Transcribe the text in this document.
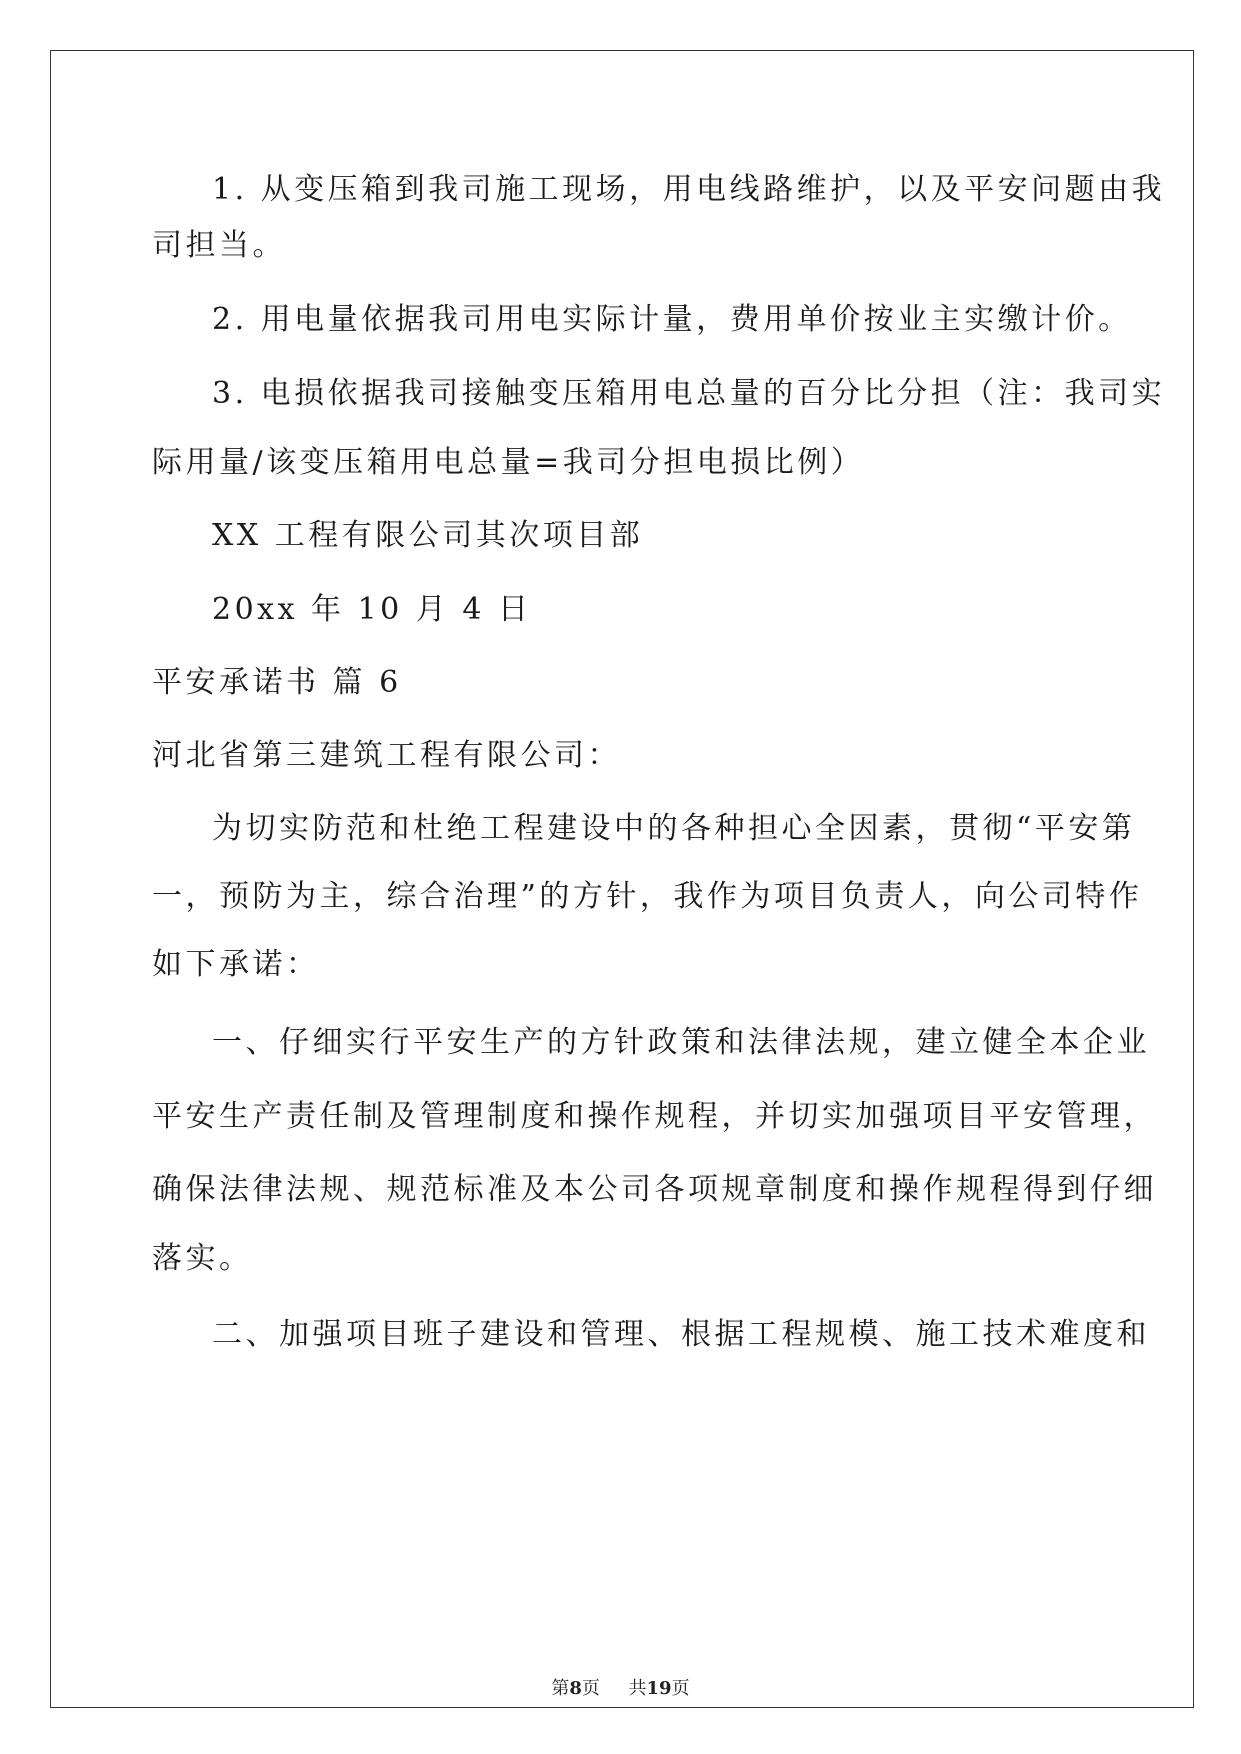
1. 从变压箱到我司施工现场，用电线路维护，以及平安问题由我
司担当。
2. 用电量依据我司用电实际计量，费用单价按业主实缴计价。
3. 电损依据我司接触变压箱用电总量的百分比分担（注：我司实
际用量/该变压箱用电总量=我司分担电损比例）
XX 工程有限公司其次项目部
20xx 年 10 月 4 日
平安承诺书 篇 6
河北省第三建筑工程有限公司：
为切实防范和杜绝工程建设中的各种担心全因素，贯彻“平安第
一，预防为主，综合治理”的方针，我作为项目负责人，向公司特作
如下承诺：
一、仔细实行平安生产的方针政策和法律法规，建立健全本企业
平安生产责任制及管理制度和操作规程，并切实加强项目平安管理，
确保法律法规、规范标准及本公司各项规章制度和操作规程得到仔细
落实。
二、加强项目班子建设和管理、根据工程规模、施工技术难度和
第8页 共19页
